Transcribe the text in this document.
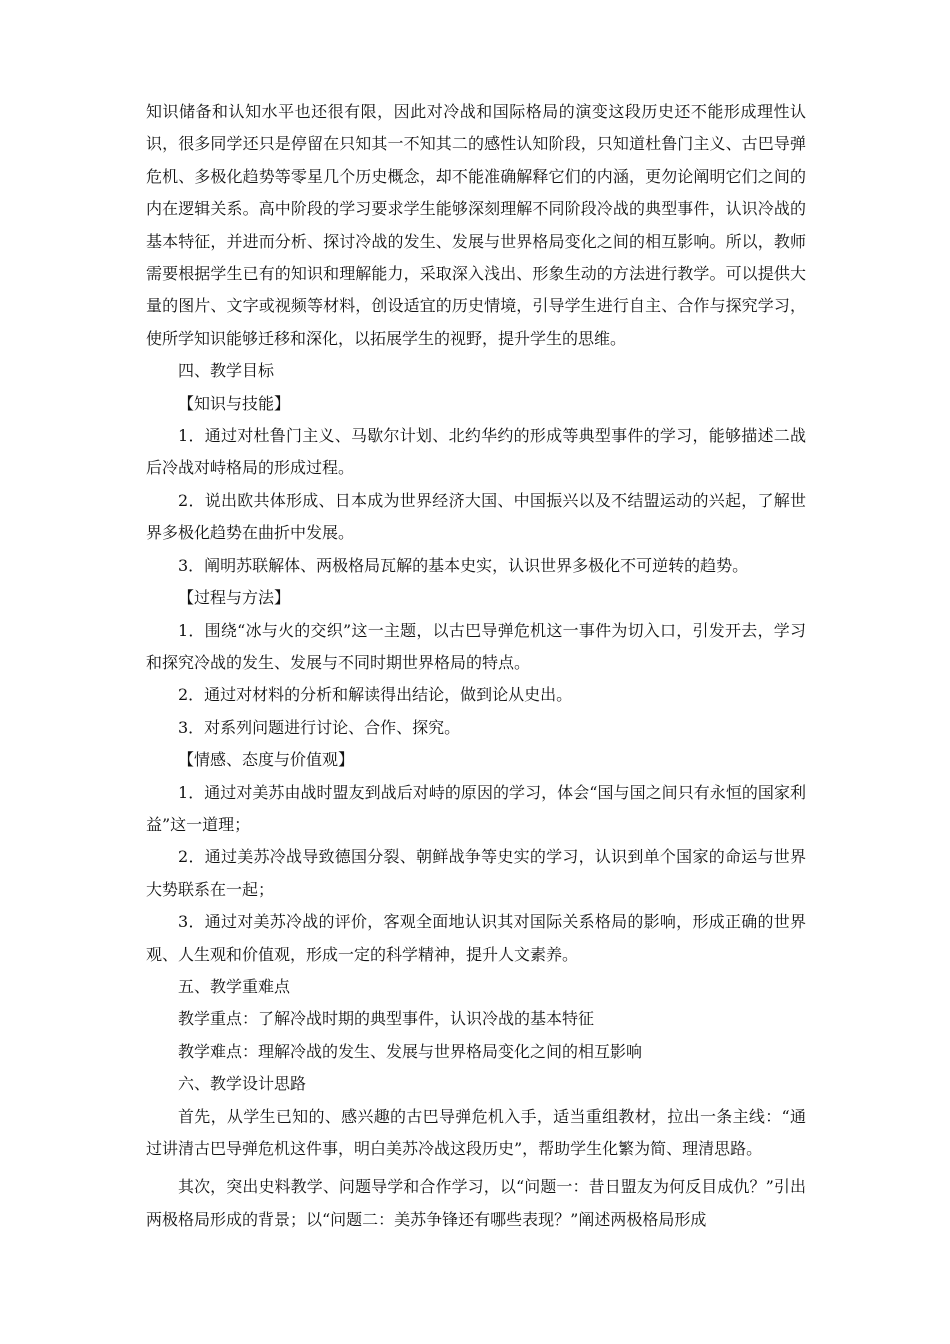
知识储备和认知水平也还很有限，因此对冷战和国际格局的演变这段历史还不能形成理性认识，很多同学还只是停留在只知其一不知其二的感性认知阶段，只知道杜鲁门主义、古巴导弹危机、多极化趋势等零星几个历史概念，却不能准确解释它们的内涵，更勿论阐明它们之间的内在逻辑关系。高中阶段的学习要求学生能够深刻理解不同阶段冷战的典型事件，认识冷战的基本特征，并进而分析、探讨冷战的发生、发展与世界格局变化之间的相互影响。所以，教师需要根据学生已有的知识和理解能力，采取深入浅出、形象生动的方法进行教学。可以提供大量的图片、文字或视频等材料，创设适宜的历史情境，引导学生进行自主、合作与探究学习，使所学知识能够迁移和深化，以拓展学生的视野，提升学生的思维。

四、教学目标

【知识与技能】

1．通过对杜鲁门主义、马歇尔计划、北约华约的形成等典型事件的学习，能够描述二战后冷战对峙格局的形成过程。

2．说出欧共体形成、日本成为世界经济大国、中国振兴以及不结盟运动的兴起，了解世界多极化趋势在曲折中发展。

3．阐明苏联解体、两极格局瓦解的基本史实，认识世界多极化不可逆转的趋势。

【过程与方法】

1．围绕“冰与火的交织”这一主题，以古巴导弹危机这一事件为切入口，引发开去，学习和探究冷战的发生、发展与不同时期世界格局的特点。

2．通过对材料的分析和解读得出结论，做到论从史出。

3．对系列问题进行讨论、合作、探究。

【情感、态度与价值观】

1．通过对美苏由战时盟友到战后对峙的原因的学习，体会“国与国之间只有永恒的国家利益”这一道理；

2．通过美苏冷战导致德国分裂、朝鲜战争等史实的学习，认识到单个国家的命运与世界大势联系在一起；

3．通过对美苏冷战的评价，客观全面地认识其对国际关系格局的影响，形成正确的世界观、人生观和价值观，形成一定的科学精神，提升人文素养。

五、教学重难点

教学重点：了解冷战时期的典型事件，认识冷战的基本特征

教学难点：理解冷战的发生、发展与世界格局变化之间的相互影响

六、教学设计思路

首先，从学生已知的、感兴趣的古巴导弹危机入手，适当重组教材，拉出一条主线：“通过讲清古巴导弹危机这件事，明白美苏冷战这段历史”，帮助学生化繁为简、理清思路。

其次，突出史料教学、问题导学和合作学习，以“问题一：昔日盟友为何反目成仇？”引出两极格局形成的背景；以“问题二：美苏争锋还有哪些表现？”阐述两极格局形成
